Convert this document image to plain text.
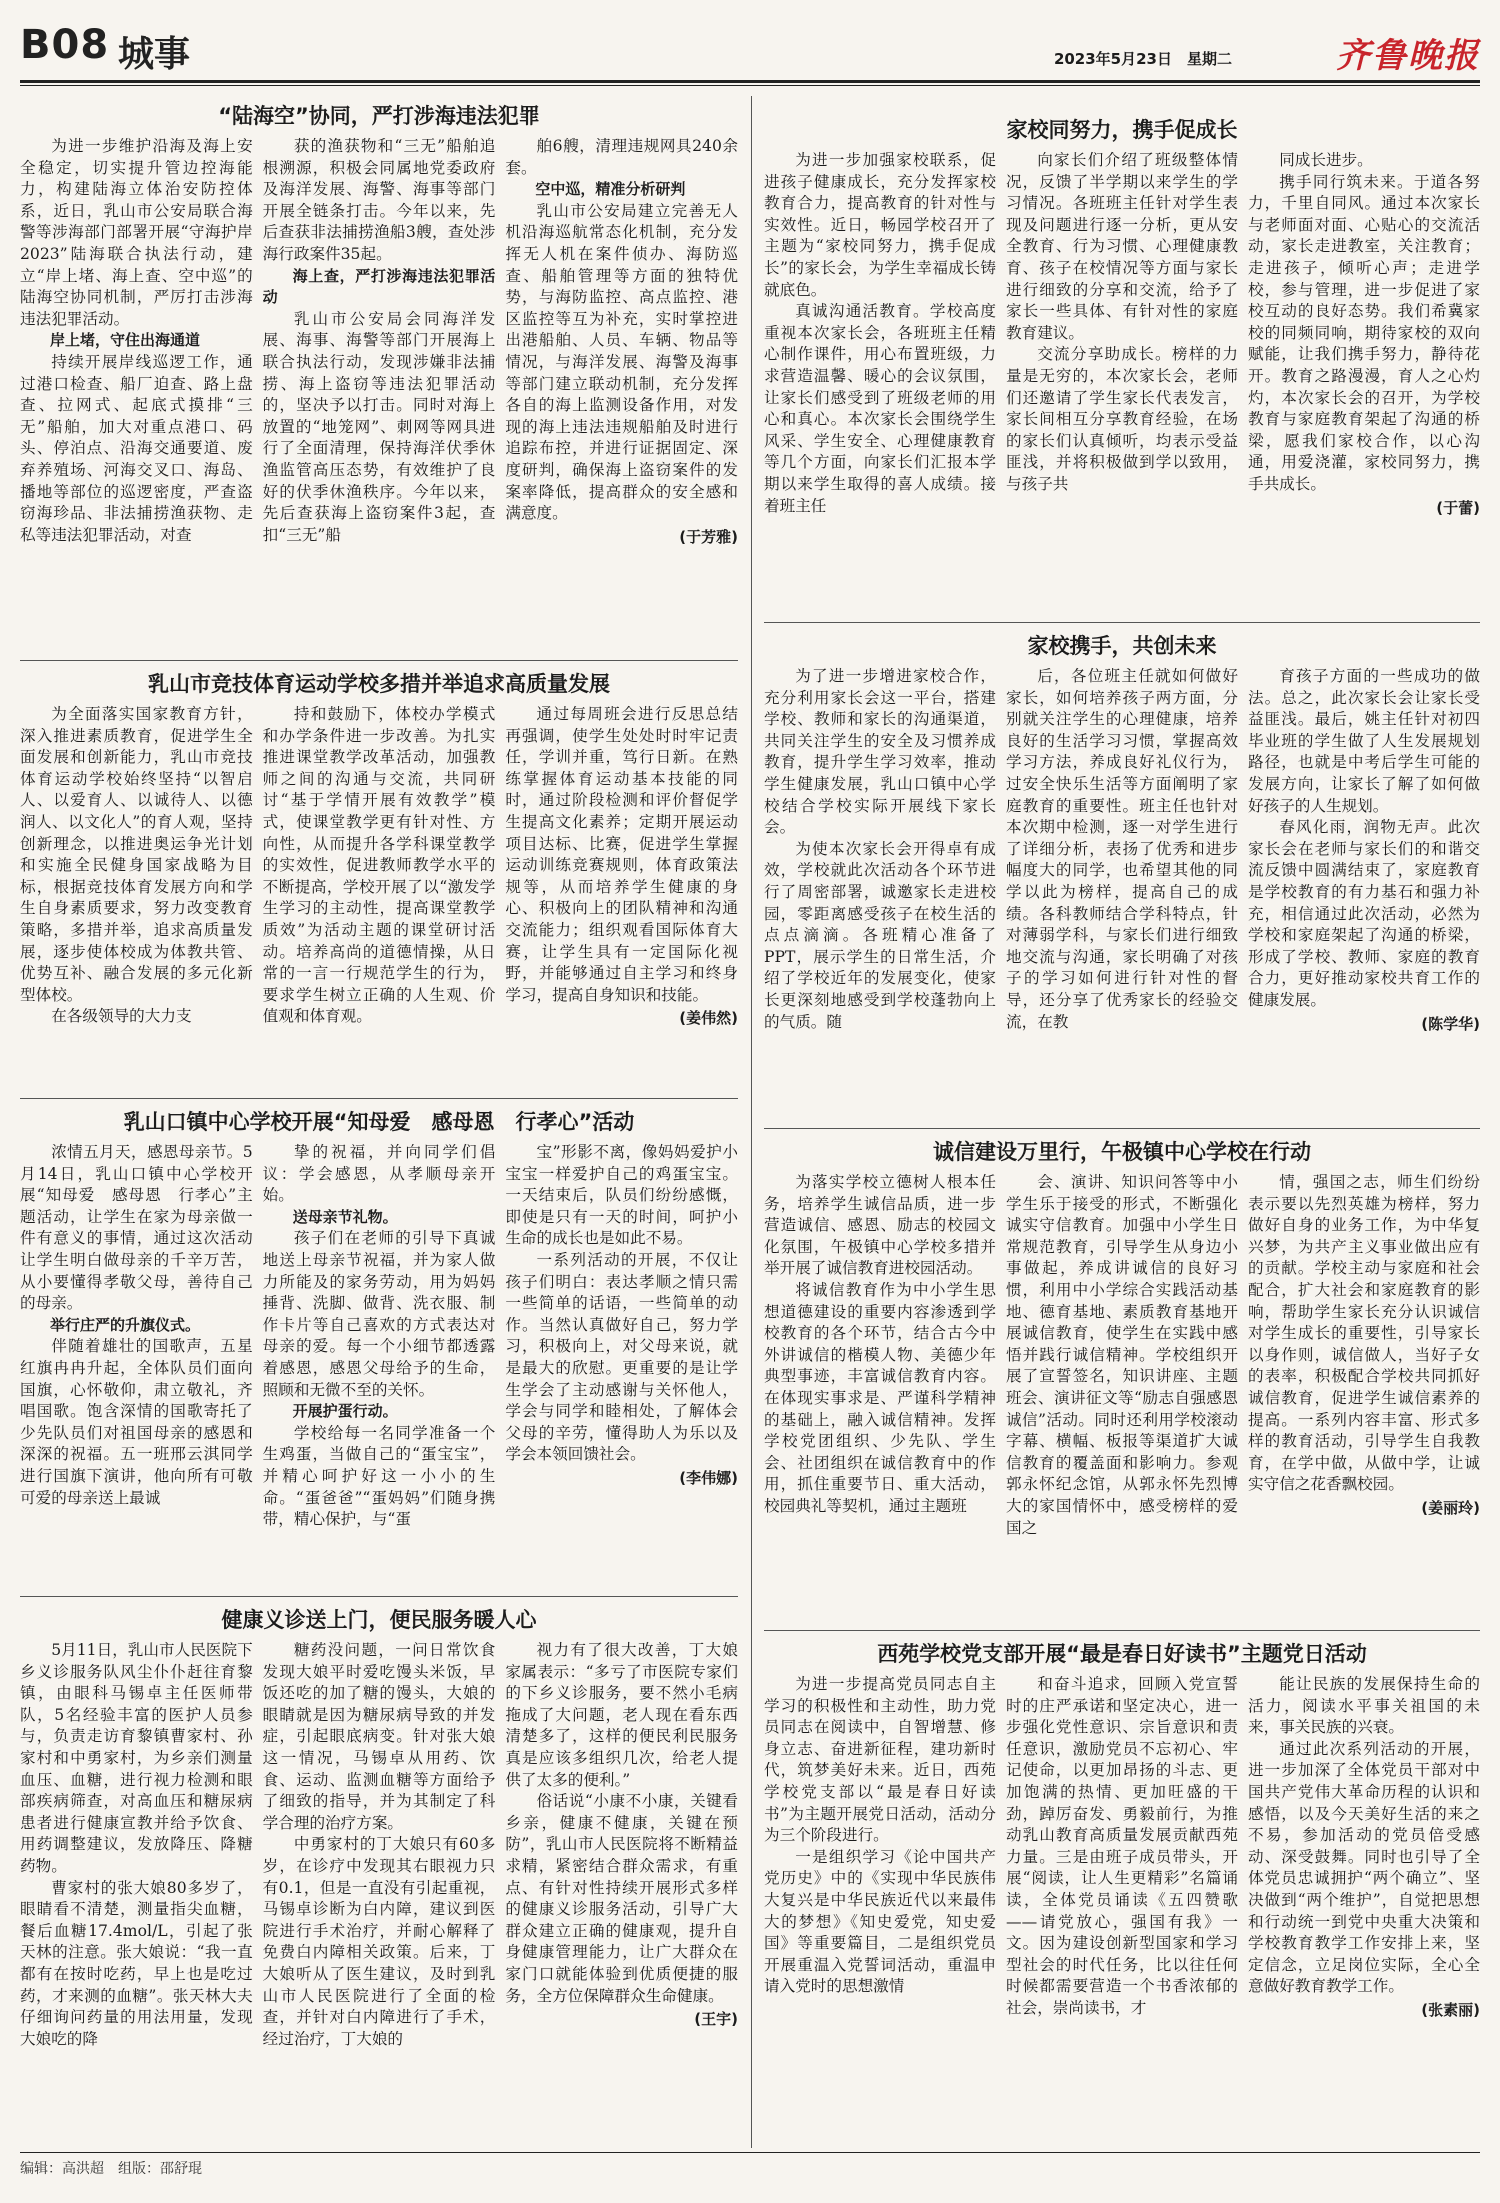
B08 城事	2023年5月23日 星期二	齐鲁晚报
“陆海空”协同，严打涉海违法犯罪

为进一步维护沿海及海上安全稳定，切实提升管边控海能力，构建陆海立体治安防控体系，近日，乳山市公安局联合海警等涉海部门部署开展“守海护岸2023”陆海联合执法行动，建立“岸上堵、海上查、空中巡”的陆海空协同机制，严厉打击涉海违法犯罪活动。

岸上堵，守住出海通道

持续开展岸线巡逻工作，通过港口检查、船厂迫查、路上盘查、拉网式、起底式摸排“三无”船舶，加大对重点港口、码头、停泊点、沿海交通要道、废弃养殖场、河海交叉口、海岛、播地等部位的巡逻密度，严查盗窃海珍品、非法捕捞渔获物、走私等违法犯罪活动，对查

获的渔获物和“三无”船舶追根溯源，积极会同属地党委政府及海洋发展、海警、海事等部门开展全链条打击。今年以来，先后查获非法捕捞渔船3艘，查处涉海行政案件35起。

海上查，严打涉海违法犯罪活动

乳山市公安局会同海洋发展、海事、海警等部门开展海上联合执法行动，发现涉嫌非法捕捞、海上盗窃等违法犯罪活动的，坚决予以打击。同时对海上放置的“地笼网”、刺网等网具进行了全面清理，保持海洋伏季休渔监管高压态势，有效维护了良好的伏季休渔秩序。今年以来，先后查获海上盗窃案件3起，查扣“三无”船

舶6艘，清理违规网具240余套。

空中巡，精准分析研判

乳山市公安局建立完善无人机沿海巡航常态化机制，充分发挥无人机在案件侦办、海防巡查、船舶管理等方面的独特优势，与海防监控、高点监控、港区监控等互为补充，实时掌控进出港船舶、人员、车辆、物品等情况，与海洋发展、海警及海事等部门建立联动机制，充分发挥各自的海上监测设备作用，对发现的海上违法违规船舶及时进行追踪布控，并进行证据固定、深度研判，确保海上盗窃案件的发案率降低，提高群众的安全感和满意度。

(于芳雅)
乳山市竞技体育运动学校多措并举追求高质量发展

为全面落实国家教育方针，深入推进素质教育，促进学生全面发展和创新能力，乳山市竞技体育运动学校始终坚持“以智启人、以爱育人、以诚待人、以德润人、以文化人”的育人观，坚持创新理念，以推进奥运争光计划和实施全民健身国家战略为目标，根据竞技体育发展方向和学生自身素质要求，努力改变教育策略，多措并举，追求高质量发展，逐步使体校成为体教共管、优势互补、融合发展的多元化新型体校。

在各级领导的大力支

持和鼓励下，体校办学模式和办学条件进一步改善。为扎实推进课堂教学改革活动，加强教师之间的沟通与交流，共同研讨“基于学情开展有效教学”模式，使课堂教学更有针对性、方向性，从而提升各学科课堂教学的实效性，促进教师教学水平的不断提高，学校开展了以“激发学生学习的主动性，提高课堂教学质效”为活动主题的课堂研讨活动。培养高尚的道德情操，从日常的一言一行规范学生的行为，要求学生树立正确的人生观、价值观和体育观。

通过每周班会进行反思总结再强调，使学生处处时时牢记责任，学训并重，笃行日新。在熟练掌握体育运动基本技能的同时，通过阶段检测和评价督促学生提高文化素养；定期开展运动项目达标、比赛，促进学生掌握运动训练竞赛规则，体育政策法规等，从而培养学生健康的身心、积极向上的团队精神和沟通交流能力；组织观看国际体育大赛，让学生具有一定国际化视野，并能够通过自主学习和终身学习，提高自身知识和技能。

(姜伟然)
乳山口镇中心学校开展“知母爱　感母恩　行孝心”活动

浓情五月天，感恩母亲节。5月14日，乳山口镇中心学校开展“知母爱　感母恩　行孝心”主题活动，让学生在家为母亲做一件有意义的事情，通过这次活动让学生明白做母亲的千辛万苦，从小要懂得孝敬父母，善待自己的母亲。

举行庄严的升旗仪式。

伴随着雄壮的国歌声，五星红旗冉冉升起，全体队员们面向国旗，心怀敬仰，肃立敬礼，齐唱国歌。饱含深情的国歌寄托了少先队员们对祖国母亲的感恩和深深的祝福。五一班邢云淇同学进行国旗下演讲，他向所有可敬可爱的母亲送上最诚

挚的祝福，并向同学们倡议：学会感恩，从孝顺母亲开始。

送母亲节礼物。

孩子们在老师的引导下真诚地送上母亲节祝福，并为家人做力所能及的家务劳动，用为妈妈捶背、洗脚、做背、洗衣服、制作卡片等自己喜欢的方式表达对母亲的爱。每一个小细节都透露着感恩，感恩父母给予的生命，照顾和无微不至的关怀。

开展护蛋行动。

学校给每一名同学准备一个生鸡蛋，当做自己的“蛋宝宝”，并精心呵护好这一小小的生命。“蛋爸爸”“蛋妈妈”们随身携带，精心保护，与“蛋

宝”形影不离，像妈妈爱护小宝宝一样爱护自己的鸡蛋宝宝。一天结束后，队员们纷纷感慨，即使是只有一天的时间，呵护小生命的成长也是如此不易。

一系列活动的开展，不仅让孩子们明白：表达孝顺之情只需一些简单的话语，一些简单的动作。当然认真做好自己，努力学习，积极向上，对父母来说，就是最大的欣慰。更重要的是让学生学会了主动感谢与关怀他人，学会与同学和睦相处，了解体会父母的辛劳，懂得助人为乐以及学会本领回馈社会。

(李伟娜)
健康义诊送上门，便民服务暖人心

5月11日，乳山市人民医院下乡义诊服务队风尘仆仆赶往育黎镇，由眼科马锡卓主任医师带队，5名经验丰富的医护人员参与，负责走访育黎镇曹家村、孙家村和中勇家村，为乡亲们测量血压、血糖，进行视力检测和眼部疾病筛查，对高血压和糖尿病患者进行健康宣教并给予饮食、用药调整建议，发放降压、降糖药物。

曹家村的张大娘80多岁了，眼睛看不清楚，测量指尖血糖，餐后血糖17.4mol/L，引起了张天林的注意。张大娘说：“我一直都有在按时吃药，早上也是吃过药，才来测的血糖”。张天林大夫仔细询问药量的用法用量，发现大娘吃的降

糖药没问题，一问日常饮食发现大娘平时爱吃馒头米饭，早饭还吃的加了糖的馒头，大娘的眼睛就是因为糖尿病导致的并发症，引起眼底病变。针对张大娘这一情况，马锡卓从用药、饮食、运动、监测血糖等方面给予了细致的指导，并为其制定了科学合理的治疗方案。

中勇家村的丁大娘只有60多岁，在诊疗中发现其右眼视力只有0.1，但是一直没有引起重视，马锡卓诊断为白内障，建议到医院进行手术治疗，并耐心解释了免费白内障相关政策。后来，丁大娘听从了医生建议，及时到乳山市人民医院进行了全面的检查，并针对白内障进行了手术，经过治疗，丁大娘的

视力有了很大改善，丁大娘家属表示：“多亏了市医院专家们的下乡义诊服务，要不然小毛病拖成了大问题，老人现在看东西清楚多了，这样的便民利民服务真是应该多组织几次，给老人提供了太多的便利。”

俗话说“小康不小康，关键看乡亲，健康不健康，关键在预防”，乳山市人民医院将不断精益求精，紧密结合群众需求，有重点、有针对性持续开展形式多样的健康义诊服务活动，引导广大群众建立正确的健康观，提升自身健康管理能力，让广大群众在家门口就能体验到优质便捷的服务，全方位保障群众生命健康。

(王宇)
家校同努力，携手促成长

为进一步加强家校联系，促进孩子健康成长，充分发挥家校教育合力，提高教育的针对性与实效性。近日，畅园学校召开了主题为“家校同努力，携手促成长”的家长会，为学生幸福成长铸就底色。

真诚沟通活教育。学校高度重视本次家长会，各班班主任精心制作课件，用心布置班级，力求营造温馨、暖心的会议氛围，让家长们感受到了班级老师的用心和真心。本次家长会围绕学生风采、学生安全、心理健康教育等几个方面，向家长们汇报本学期以来学生取得的喜人成绩。接着班主任

向家长们介绍了班级整体情况，反馈了半学期以来学生的学习情况。各班班主任针对学生表现及问题进行逐一分析，更从安全教育、行为习惯、心理健康教育、孩子在校情况等方面与家长进行细致的分享和交流，给予了家长一些具体、有针对性的家庭教育建议。

交流分享助成长。榜样的力量是无穷的，本次家长会，老师们还邀请了学生家长代表发言，家长间相互分享教育经验，在场的家长们认真倾听，均表示受益匪浅，并将积极做到学以致用，与孩子共

同成长进步。

携手同行筑未来。于道各努力，千里自同风。通过本次家长与老师面对面、心贴心的交流活动，家长走进教室，关注教育；走进孩子，倾听心声；走进学校，参与管理，进一步促进了家校互动的良好态势。我们希冀家校的同频同响，期待家校的双向赋能，让我们携手努力，静待花开。教育之路漫漫，育人之心灼灼，本次家长会的召开，为学校教育与家庭教育架起了沟通的桥梁，愿我们家校合作，以心沟通，用爱浇灌，家校同努力，携手共成长。

(于蕾)
家校携手，共创未来

为了进一步增进家校合作，充分利用家长会这一平台，搭建学校、教师和家长的沟通渠道，共同关注学生的安全及习惯养成教育，提升学生学习效率，推动学生健康发展，乳山口镇中心学校结合学校实际开展线下家长会。

为使本次家长会开得卓有成效，学校就此次活动各个环节进行了周密部署，诚邀家长走进校园，零距离感受孩子在校生活的点点滴滴。各班精心准备了PPT，展示学生的日常生活，介绍了学校近年的发展变化，使家长更深刻地感受到学校蓬勃向上的气质。随

后，各位班主任就如何做好家长，如何培养孩子两方面，分别就关注学生的心理健康，培养良好的生活学习习惯，掌握高效学习方法，养成良好礼仪行为，过安全快乐生活等方面阐明了家庭教育的重要性。班主任也针对本次期中检测，逐一对学生进行了详细分析，表扬了优秀和进步幅度大的同学，也希望其他的同学以此为榜样，提高自己的成绩。各科教师结合学科特点，针对薄弱学科，与家长们进行细致地交流与沟通，家长明确了对孩子的学习如何进行针对性的督导，还分享了优秀家长的经验交流，在教

育孩子方面的一些成功的做法。总之，此次家长会让家长受益匪浅。最后，姚主任针对初四毕业班的学生做了人生发展规划路径，也就是中考后学生可能的发展方向，让家长了解了如何做好孩子的人生规划。

春风化雨，润物无声。此次家长会在老师与家长们的和谐交流反馈中圆满结束了，家庭教育是学校教育的有力基石和强力补充，相信通过此次活动，必然为学校和家庭架起了沟通的桥梁，形成了学校、教师、家庭的教育合力，更好推动家校共育工作的健康发展。

(陈学华)
诚信建设万里行，午极镇中心学校在行动

为落实学校立德树人根本任务，培养学生诚信品质，进一步营造诚信、感恩、励志的校园文化氛围，午极镇中心学校多措并举开展了诚信教育进校园活动。

将诚信教育作为中小学生思想道德建设的重要内容渗透到学校教育的各个环节，结合古今中外讲诚信的楷模人物、美德少年典型事迹，丰富诚信教育内容。在体现实事求是、严谨科学精神的基础上，融入诚信精神。发挥学校党团组织、少先队、学生会、社团组织在诚信教育中的作用，抓住重要节日、重大活动，校园典礼等契机，通过主题班

会、演讲、知识问答等中小学生乐于接受的形式，不断强化诚实守信教育。加强中小学生日常规范教育，引导学生从身边小事做起，养成讲诚信的良好习惯，利用中小学综合实践活动基地、德育基地、素质教育基地开展诚信教育，使学生在实践中感悟并践行诚信精神。学校组织开展了宣誓签名，知识讲座、主题班会、演讲征文等“励志自强感恩诚信”活动。同时还利用学校滚动字幕、横幅、板报等渠道扩大诚信教育的覆盖面和影响力。参观郭永怀纪念馆，从郭永怀先烈博大的家国情怀中，感受榜样的爱国之

情，强国之志，师生们纷纷表示要以先烈英雄为榜样，努力做好自身的业务工作，为中华复兴梦，为共产主义事业做出应有的贡献。学校主动与家庭和社会配合，扩大社会和家庭教育的影响，帮助学生家长充分认识诚信对学生成长的重要性，引导家长以身作则，诚信做人，当好子女的表率，积极配合学校共同抓好诚信教育，促进学生诚信素养的提高。一系列内容丰富、形式多样的教育活动，引导学生自我教育，在学中做，从做中学，让诚实守信之花香飘校园。

(姜丽玲)
西苑学校党支部开展“最是春日好读书”主题党日活动

为进一步提高党员同志自主学习的积极性和主动性，助力党员同志在阅读中，自智增慧、修身立志、奋进新征程，建功新时代，筑梦美好未来。近日，西苑学校党支部以“最是春日好读书”为主题开展党日活动，活动分为三个阶段进行。

一是组织学习《论中国共产党历史》中的《实现中华民族伟大复兴是中华民族近代以来最伟大的梦想》《知史爱党，知史爱国》等重要篇目，二是组织党员开展重温入党誓词活动，重温申请入党时的思想激情

和奋斗追求，回顾入党宣誓时的庄严承诺和坚定决心，进一步强化党性意识、宗旨意识和责任意识，激励党员不忘初心、牢记使命，以更加昂扬的斗志、更加饱满的热情、更加旺盛的干劲，踔厉奋发、勇毅前行，为推动乳山教育高质量发展贡献西苑力量。三是由班子成员带头，开展“阅读，让人生更精彩”名篇诵读，全体党员诵读《五四赞歌——请党放心，强国有我》一文。因为建设创新型国家和学习型社会的时代任务，比以往任何时候都需要营造一个书香浓郁的社会，崇尚读书，才

能让民族的发展保持生命的活力，阅读水平事关祖国的未来，事关民族的兴衰。

通过此次系列活动的开展，进一步加深了全体党员干部对中国共产党伟大革命历程的认识和感悟，以及今天美好生活的来之不易，参加活动的党员倍受感动、深受鼓舞。同时也引导了全体党员忠诚拥护“两个确立”、坚决做到“两个维护”，自觉把思想和行动统一到党中央重大决策和学校教育教学工作安排上来，坚定信念，立足岗位实际，全心全意做好教育教学工作。

(张素丽)
编辑：高洪超　组版：邵舒琨
